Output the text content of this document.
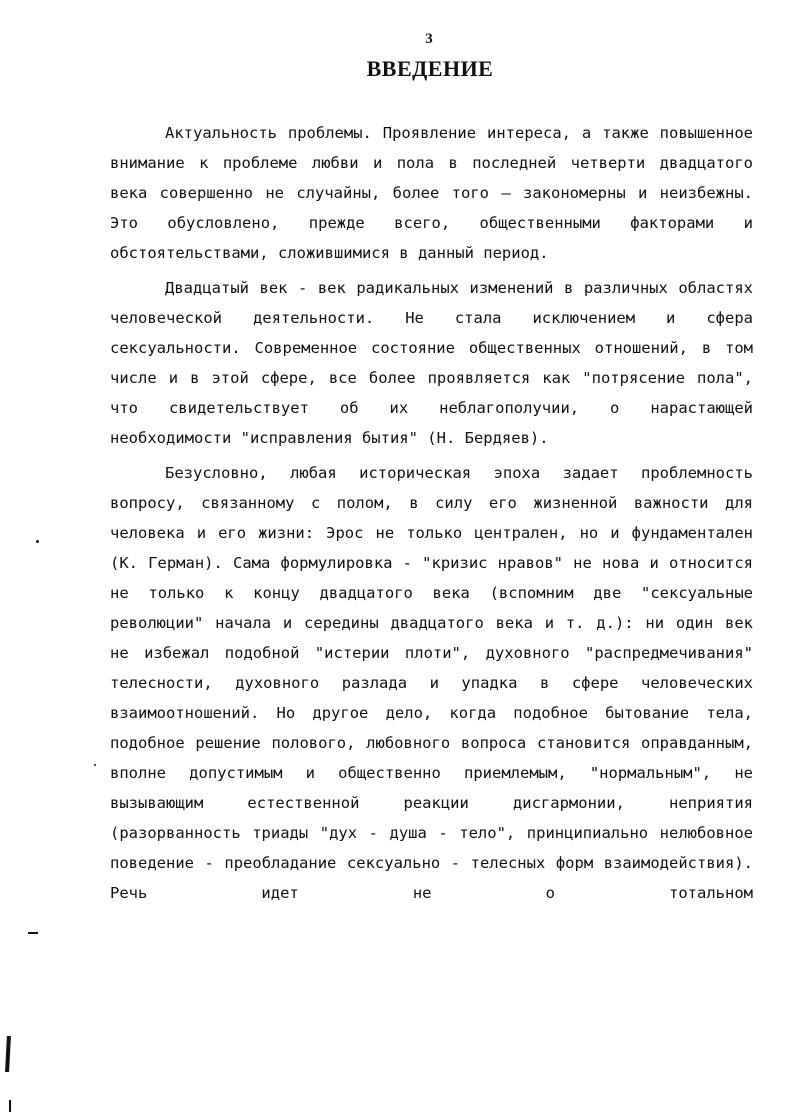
3
ВВЕДЕНИЕ

Актуальность проблемы. Проявление интереса, а также повышенное внимание к проблеме любви и пола в последней четверти двадцатого века совершенно не случайны, более того – закономерны и неизбежны. Это обусловлено, прежде всего, общественными факторами и обстоятельствами, сложившимися в данный период.

Двадцатый век - век радикальных изменений в различных областях человеческой деятельности. Не стала исключением и сфера сексуальности. Современное состояние общественных отношений, в том числе и в этой сфере, все более проявляется как "потрясение пола", что свидетельствует об их неблагополучии, о нарастающей необходимости "исправления бытия" (Н. Бердяев).

Безусловно, любая историческая эпоха задает проблемность вопросу, связанному с полом, в силу его жизненной важности для человека и его жизни: Эрос не только централен, но и фундаментален (К. Герман). Сама формулировка - "кризис нравов" не нова и относится не только к концу двадцатого века (вспомним две "сексуальные революции" начала и середины двадцатого века и т. д.): ни один век не избежал подобной "истерии плоти", духовного "распредмечивания" телесности, духовного разлада и упадка в сфере человеческих взаимоотношений. Но другое дело, когда подобное бытование тела, подобное решение полового, любовного вопроса становится оправданным, вполне допустимым и общественно приемлемым, "нормальным", не вызывающим естественной реакции дисгармонии, неприятия (разорванность триады "дух - душа - тело", принципиально нелюбовное поведение - преобладание сексуально - телесных форм взаимодействия). Речь идет не о тотальном
